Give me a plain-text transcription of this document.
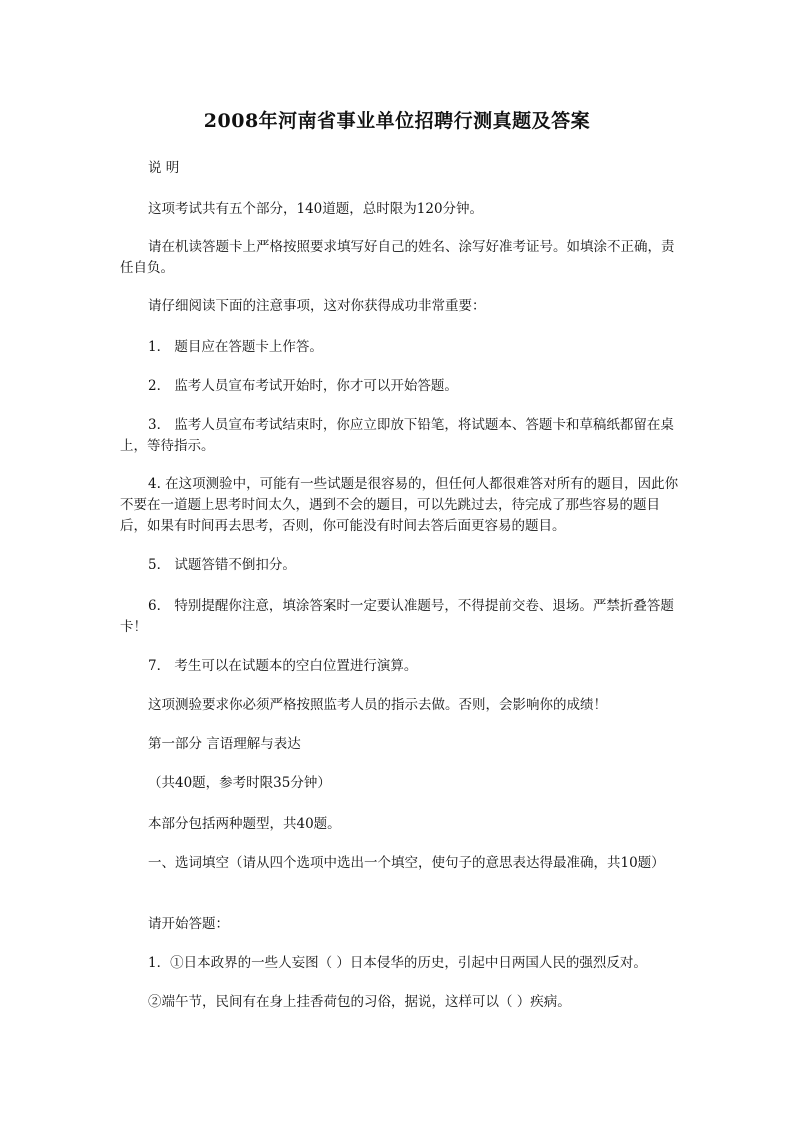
2008年河南省事业单位招聘行测真题及答案

说 明

这项考试共有五个部分，140道题，总时限为120分钟。

请在机读答题卡上严格按照要求填写好自己的姓名、涂写好准考证号。如填涂不正确，责任自负。

请仔细阅读下面的注意事项，这对你获得成功非常重要：

1． 题目应在答题卡上作答。

2． 监考人员宣布考试开始时，你才可以开始答题。

3． 监考人员宣布考试结束时，你应立即放下铅笔，将试题本、答题卡和草稿纸都留在桌上，等待指示。

4. 在这项测验中，可能有一些试题是很容易的，但任何人都很难答对所有的题目，因此你不要在一道题上思考时间太久，遇到不会的题目，可以先跳过去，待完成了那些容易的题目后，如果有时间再去思考，否则，你可能没有时间去答后面更容易的题目。

5． 试题答错不倒扣分。

6． 特别提醒你注意，填涂答案时一定要认准题号，不得提前交卷、退场。严禁折叠答题卡！

7． 考生可以在试题本的空白位置进行演算。

这项测验要求你必须严格按照监考人员的指示去做。否则，会影响你的成绩！

第一部分 言语理解与表达

（共40题，参考时限35分钟）

本部分包括两种题型，共40题。

一、选词填空（请从四个选项中选出一个填空，使句子的意思表达得最准确，共10题）

请开始答题：

1．①日本政界的一些人妄图（ ）日本侵华的历史，引起中日两国人民的强烈反对。

②端午节，民间有在身上挂香荷包的习俗，据说，这样可以（ ）疾病。
